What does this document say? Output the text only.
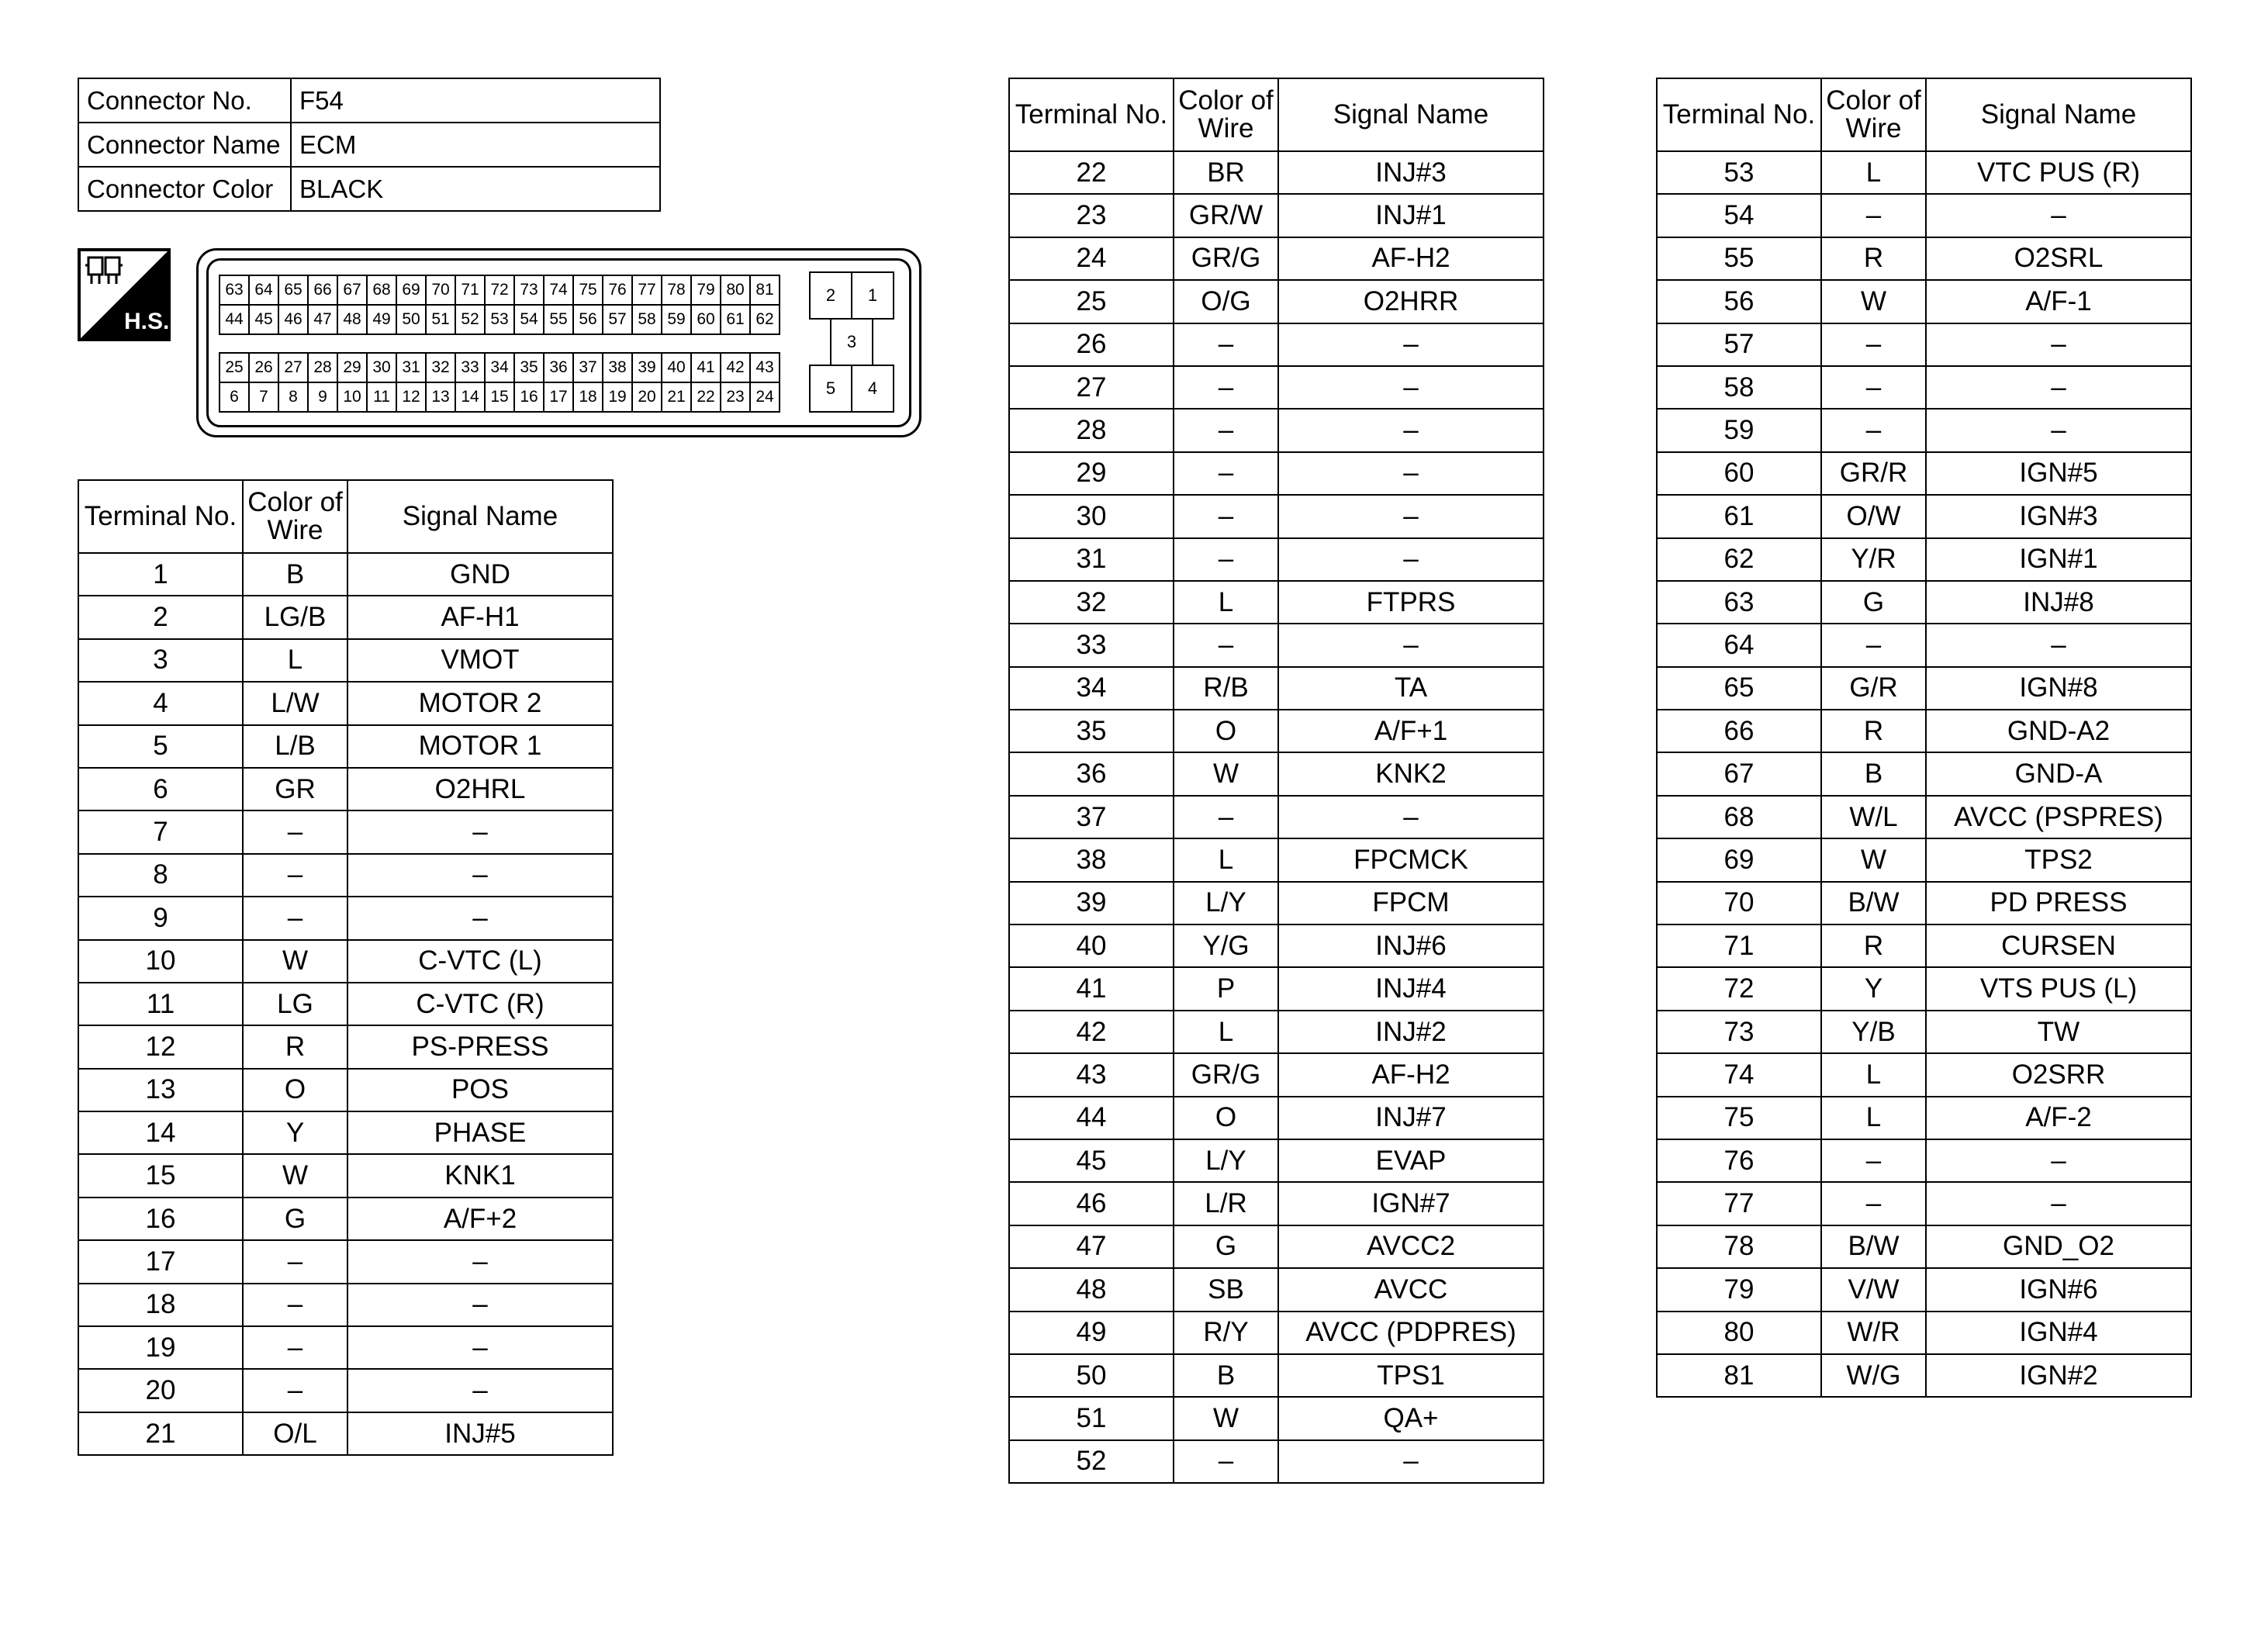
Connector No.	F54
Connector Name	ECM
Connector Color	BLACK
H.S.
63 64 65 66 67 68 69 70 71 72 73 74 75 76 77 78 79 80 81
44 45 46 47 48 49 50 51 52 53 54 55 56 57 58 59 60 61 62
25 26 27 28 29 30 31 32 33 34 35 36 37 38 39 40 41 42 43
6	7	8	9 10 11 12 13 14 15 16 17 18 19 20 21 22 23 24
2	1
3
5	4
Terminal No.	Color of Wire	Signal Name
1	B	GND
2	LG/B	AF-H1
3	L	VMOT
4	L/W	MOTOR 2
5	L/B	MOTOR 1
6	GR	O2HRL
7	–	–
8	–	–
9	–	–
10	W	C-VTC (L)
11	LG	C-VTC (R)
12	R	PS-PRESS
13	O	POS
14	Y	PHASE
15	W	KNK1
16	G	A/F+2
17	–	–
18	–	–
19	–	–
20	–	–
21	O/L	INJ#5
Terminal No.	Color of Wire	Signal Name
22	BR	INJ#3
23	GR/W	INJ#1
24	GR/G	AF-H2
25	O/G	O2HRR
26	–	–
27	–	–
28	–	–
29	–	–
30	–	–
31	–	–
32	L	FTPRS
33	–	–
34	R/B	TA
35	O	A/F+1
36	W	KNK2
37	–	–
38	L	FPCMCK
39	L/Y	FPCM
40	Y/G	INJ#6
41	P	INJ#4
42	L	INJ#2
43	GR/G	AF-H2
44	O	INJ#7
45	L/Y	EVAP
46	L/R	IGN#7
47	G	AVCC2
48	SB	AVCC
49	R/Y	AVCC (PDPRES)
50	B	TPS1
51	W	QA+
52	–	–
Terminal No.	Color of Wire	Signal Name
53	L	VTC PUS (R)
54	–	–
55	R	O2SRL
56	W	A/F-1
57	–	–
58	–	–
59	–	–
60	GR/R	IGN#5
61	O/W	IGN#3
62	Y/R	IGN#1
63	G	INJ#8
64	–	–
65	G/R	IGN#8
66	R	GND-A2
67	B	GND-A
68	W/L	AVCC (PSPRES)
69	W	TPS2
70	B/W	PD PRESS
71	R	CURSEN
72	Y	VTS PUS (L)
73	Y/B	TW
74	L	O2SRR
75	L	A/F-2
76	–	–
77	–	–
78	B/W	GND_O2
79	V/W	IGN#6
80	W/R	IGN#4
81	W/G	IGN#2
